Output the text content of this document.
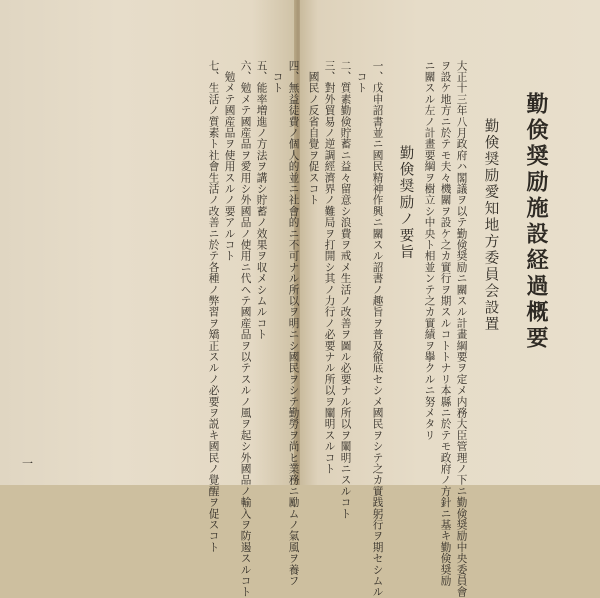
勤倹奨励施設経過概要
勤倹奨励愛知地方委員会設置
大正十三年八月政府ハ閣議ヲ以テ勤倹奨励ニ關スル計畫綱要ヲ定メ内務大臣管理ノ下ニ勤倹奨励中央委員會
ヲ設ケ地方ニ於テモ夫々機關ヲ設ケ之カ實行ヲ期スルコトトナリ本縣ニ於テモ政府ノ方針ニ基キ勤倹奨励
ニ關スル左ノ計畫要綱ヲ樹立シ中央ト相並ンテ之カ實績ヲ擧クルニ努メタリ
勤倹奨励ノ要旨
一、戊申詔書並ニ國民精神作興ニ關スル詔書ノ趣旨ヲ普及徹底セシメ國民ヲシテ之カ實践躬行ヲ期セシムル
　コト
二、質素勤倹貯蓄ニ益々留意シ浪費ヲ戒メ生活ノ改善ヲ圖ル必要ナル所以ヲ闡明ニスルコト
三、對外貿易ノ逆調經濟界ノ難局ヲ打開シ其ノ力行ノ必要ナル所以ヲ闡明スルコト
　國民ノ反省自覺ヲ促スコト
四、無益徒費ノ個人的並ニ社會的ニ不可ナル所以ヲ明ニシ國民ヲシテ勤勞ヲ尚ヒ業務ニ勵ムノ氣風ヲ養フ
　コト
五、能率増進ノ方法ヲ講シ貯蓄ノ效果ヲ収メシムルコト
六、勉メテ國産品ヲ愛用シ外國品ノ使用ニ代ヘテ國産品ヲ以テスルノ風ヲ起シ外國品ノ輸入ヲ防遏スルコト
　勉メテ國産品ヲ使用スルノ要アルコト
七、生活ノ質素ト社會生活ノ改善ニ於テ各種ノ弊習ヲ矯正スルノ必要ヲ説キ國民ノ覺醒ヲ促スコト
一
